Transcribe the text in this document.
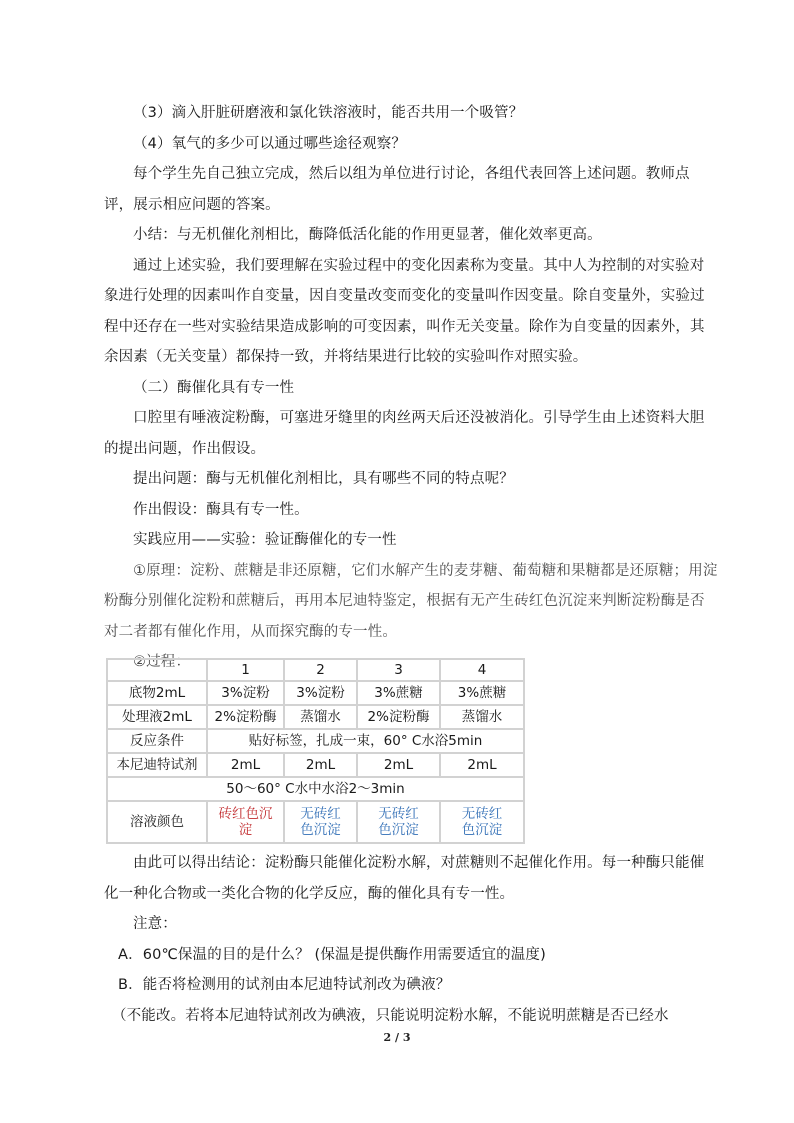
（3）滴入肝脏研磨液和氯化铁溶液时，能否共用一个吸管？

（4）氧气的多少可以通过哪些途径观察？

每个学生先自己独立完成，然后以组为单位进行讨论，各组代表回答上述问题。教师点评，展示相应问题的答案。

小结：与无机催化剂相比，酶降低活化能的作用更显著，催化效率更高。

通过上述实验，我们要理解在实验过程中的变化因素称为变量。其中人为控制的对实验对象进行处理的因素叫作自变量，因自变量改变而变化的变量叫作因变量。除自变量外，实验过程中还存在一些对实验结果造成影响的可变因素，叫作无关变量。除作为自变量的因素外，其余因素（无关变量）都保持一致，并将结果进行比较的实验叫作对照实验。

（二）酶催化具有专一性

口腔里有唾液淀粉酶，可塞进牙缝里的肉丝两天后还没被消化。引导学生由上述资料大胆的提出问题，作出假设。

提出问题：酶与无机催化剂相比，具有哪些不同的特点呢？

作出假设：酶具有专一性。

实践应用——实验：验证酶催化的专一性

①原理：淀粉、蔗糖是非还原糖，它们水解产生的麦芽糖、葡萄糖和果糖都是还原糖；用淀粉酶分别催化淀粉和蔗糖后，再用本尼迪特鉴定，根据有无产生砖红色沉淀来判断淀粉酶是否对二者都有催化作用，从而探究酶的专一性。

②过程：

		1	2	3	4
底物2mL	3%淀粉	3%淀粉	3%蔗糖	3%蔗糖
处理液2mL	2%淀粉酶	蒸馏水	2%淀粉酶	蒸馏水
反应条件	贴好标签，扎成一束，60° C水浴5min			
本尼迪特试剂	2mL	2mL	2mL	2mL
50～60° C水中水浴2～3min				
溶液颜色	砖红色沉淀	无砖红色沉淀	无砖红色沉淀	无砖红色沉淀

由此可以得出结论：淀粉酶只能催化淀粉水解，对蔗糖则不起催化作用。每一种酶只能催化一种化合物或一类化合物的化学反应，酶的催化具有专一性。

注意：

A．60℃保温的目的是什么？ (保温是提供酶作用需要适宜的温度)

B．能否将检测用的试剂由本尼迪特试剂改为碘液？

（不能改。若将本尼迪特试剂改为碘液，只能说明淀粉水解，不能说明蔗糖是否已经水

2 / 3
